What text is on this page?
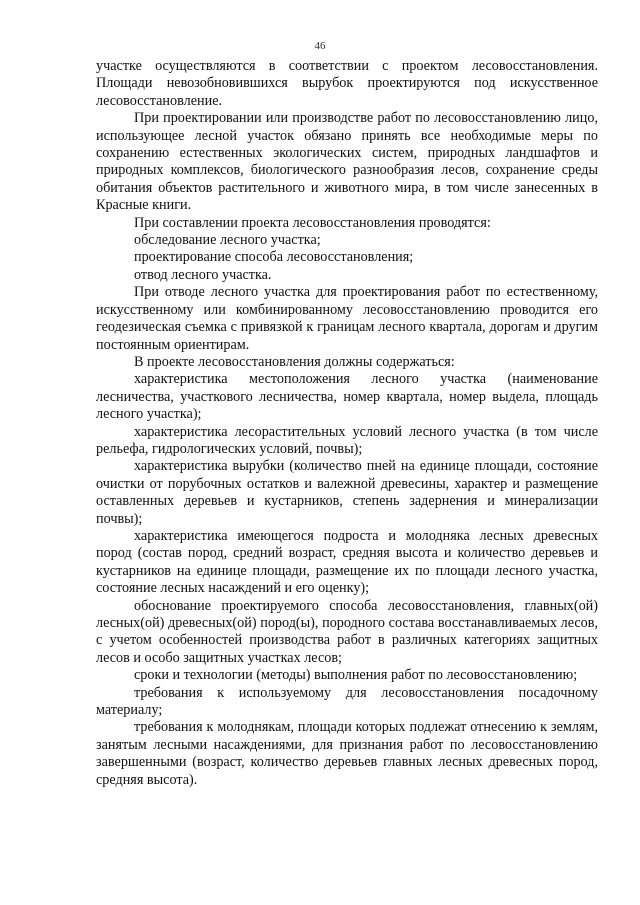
46

участке осуществляются в соответствии с проектом лесовосстановления. Площади невозобновившихся вырубок проектируются под искусственное лесовосстановление.

При проектировании или производстве работ по лесовосстановлению лицо, использующее лесной участок обязано принять все необходимые меры по сохранению естественных экологических систем, природных ландшафтов и природных комплексов, биологического разнообразия лесов, сохранение среды обитания объектов растительного и животного мира, в том числе занесенных в Красные книги.

При составлении проекта лесовосстановления проводятся:

обследование лесного участка;

проектирование способа лесовосстановления;

отвод лесного участка.

При отводе лесного участка для проектирования работ по естественному, искусственному или комбинированному лесовосстановлению проводится его геодезическая съемка с привязкой к границам лесного квартала, дорогам и другим постоянным ориентирам.

В проекте лесовосстановления должны содержаться:

характеристика местоположения лесного участка (наименование лесничества, участкового лесничества, номер квартала, номер выдела, площадь лесного участка);

характеристика лесорастительных условий лесного участка (в том числе рельефа, гидрологических условий, почвы);

характеристика вырубки (количество пней на единице площади, состояние очистки от порубочных остатков и валежной древесины, характер и размещение оставленных деревьев и кустарников, степень задернения и минерализации почвы);

характеристика имеющегося подроста и молодняка лесных древесных пород (состав пород, средний возраст, средняя высота и количество деревьев и кустарников на единице площади, размещение их по площади лесного участка, состояние лесных насаждений и его оценку);

обоснование проектируемого способа лесовосстановления, главных(ой) лесных(ой) древесных(ой) пород(ы), породного состава восстанавливаемых лесов, с учетом особенностей производства работ в различных категориях защитных лесов и особо защитных участках лесов;

сроки и технологии (методы) выполнения работ по лесовосстановлению;

требования к используемому для лесовосстановления посадочному материалу;

требования к молоднякам, площади которых подлежат отнесению к землям, занятым лесными насаждениями, для признания работ по лесовосстановлению завершенными (возраст, количество деревьев главных лесных древесных пород, средняя высота).
